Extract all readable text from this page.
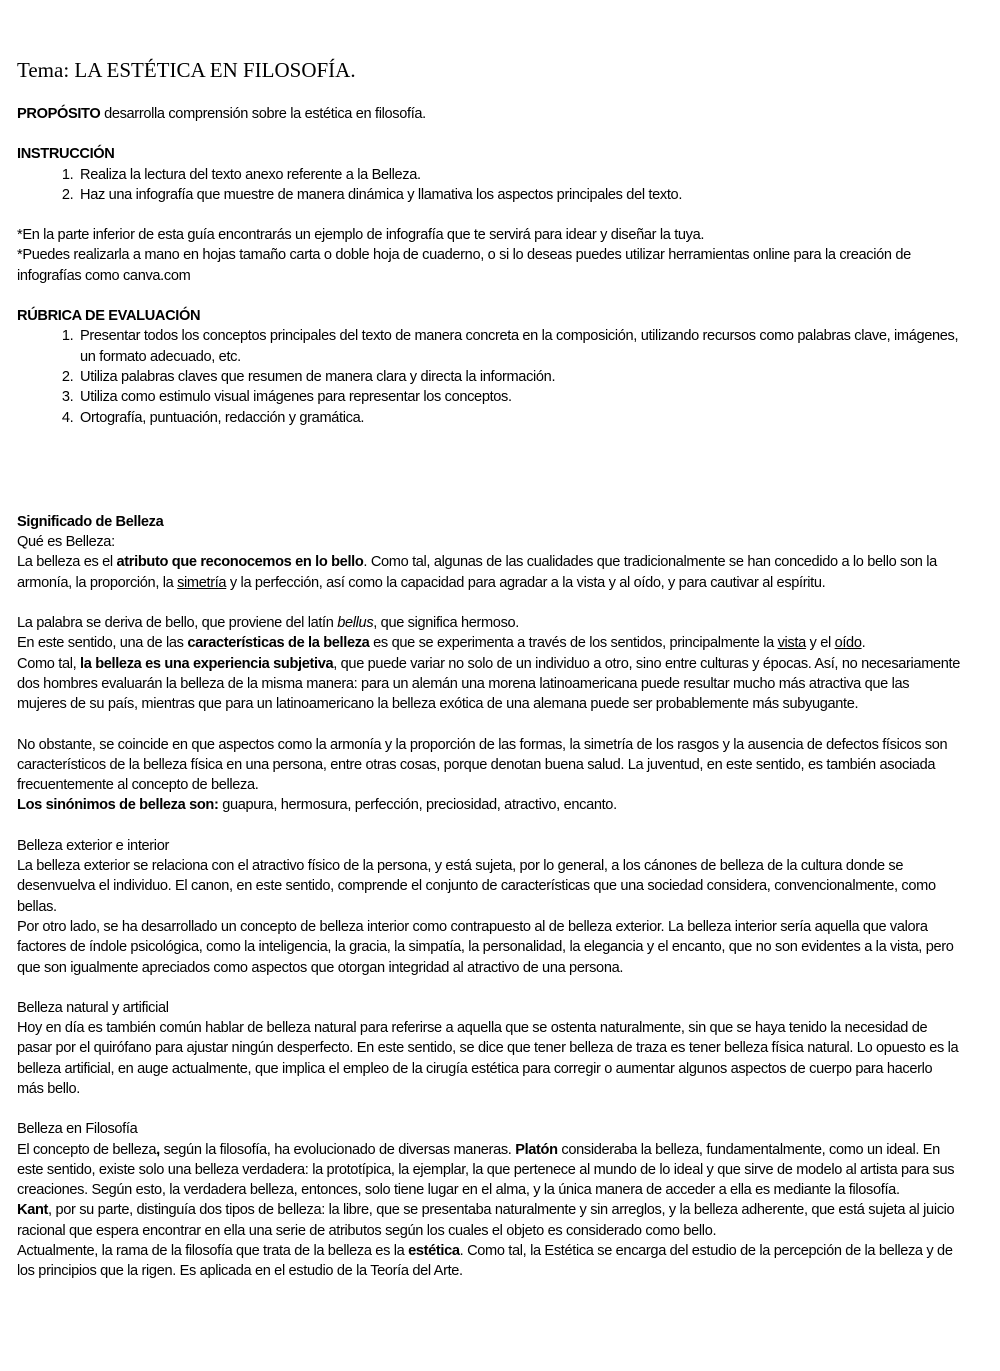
Tema: LA ESTÉTICA EN FILOSOFÍA.

PROPÓSITO desarrolla comprensión sobre la estética en filosofía.

INSTRUCCIÓN

1. Realiza la lectura del texto anexo referente a la Belleza.
2. Haz una infografía que muestre de manera dinámica y llamativa los aspectos principales del texto.

*En la parte inferior de esta guía encontrarás un ejemplo de infografía que te servirá para idear y diseñar la tuya.

*Puedes realizarla a mano en hojas tamaño carta o doble hoja de cuaderno, o si lo deseas puedes utilizar herramientas online para la creación de infografías como canva.com

RÚBRICA DE EVALUACIÓN

1. Presentar todos los conceptos principales del texto de manera concreta en la composición, utilizando recursos como palabras clave, imágenes, un formato adecuado, etc.
2. Utiliza palabras claves que resumen de manera clara y directa la información.
3. Utiliza como estimulo visual imágenes para representar los conceptos.
4. Ortografía, puntuación, redacción y gramática.

Significado de Belleza

Qué es Belleza:

La belleza es el atributo que reconocemos en lo bello. Como tal, algunas de las cualidades que tradicionalmente se han concedido a lo bello son la armonía, la proporción, la simetría y la perfección, así como la capacidad para agradar a la vista y al oído, y para cautivar al espíritu.

La palabra se deriva de bello, que proviene del latín bellus, que significa hermoso.

En este sentido, una de las características de la belleza es que se experimenta a través de los sentidos, principalmente la vista y el oído.
Como tal, la belleza es una experiencia subjetiva, que puede variar no solo de un individuo a otro, sino entre culturas y épocas. Así, no necesariamente dos hombres evaluarán la belleza de la misma manera: para un alemán una morena latinoamericana puede resultar mucho más atractiva que las mujeres de su país, mientras que para un latinoamericano la belleza exótica de una alemana puede ser probablemente más subyugante.

No obstante, se coincide en que aspectos como la armonía y la proporción de las formas, la simetría de los rasgos y la ausencia de defectos físicos son característicos de la belleza física en una persona, entre otras cosas, porque denotan buena salud. La juventud, en este sentido, es también asociada frecuentemente al concepto de belleza.

Los sinónimos de belleza son: guapura, hermosura, perfección, preciosidad, atractivo, encanto.

Belleza exterior e interior

La belleza exterior se relaciona con el atractivo físico de la persona, y está sujeta, por lo general, a los cánones de belleza de la cultura donde se desenvuelva el individuo. El canon, en este sentido, comprende el conjunto de características que una sociedad considera, convencionalmente, como bellas.

Por otro lado, se ha desarrollado un concepto de belleza interior como contrapuesto al de belleza exterior. La belleza interior sería aquella que valora factores de índole psicológica, como la inteligencia, la gracia, la simpatía, la personalidad, la elegancia y el encanto, que no son evidentes a la vista, pero que son igualmente apreciados como aspectos que otorgan integridad al atractivo de una persona.

Belleza natural y artificial

Hoy en día es también común hablar de belleza natural para referirse a aquella que se ostenta naturalmente, sin que se haya tenido la necesidad de pasar por el quirófano para ajustar ningún desperfecto. En este sentido, se dice que tener belleza de traza es tener belleza física natural. Lo opuesto es la belleza artificial, en auge actualmente, que implica el empleo de la cirugía estética para corregir o aumentar algunos aspectos de cuerpo para hacerlo más bello.

Belleza en Filosofía

El concepto de belleza, según la filosofía, ha evolucionado de diversas maneras. Platón consideraba la belleza, fundamentalmente, como un ideal. En este sentido, existe solo una belleza verdadera: la prototípica, la ejemplar, la que pertenece al mundo de lo ideal y que sirve de modelo al artista para sus creaciones. Según esto, la verdadera belleza, entonces, solo tiene lugar en el alma, y la única manera de acceder a ella es mediante la filosofía.

Kant, por su parte, distinguía dos tipos de belleza: la libre, que se presentaba naturalmente y sin arreglos, y la belleza adherente, que está sujeta al juicio racional que espera encontrar en ella una serie de atributos según los cuales el objeto es considerado como bello.

Actualmente, la rama de la filosofía que trata de la belleza es la estética. Como tal, la Estética se encarga del estudio de la percepción de la belleza y de los principios que la rigen. Es aplicada en el estudio de la Teoría del Arte.
